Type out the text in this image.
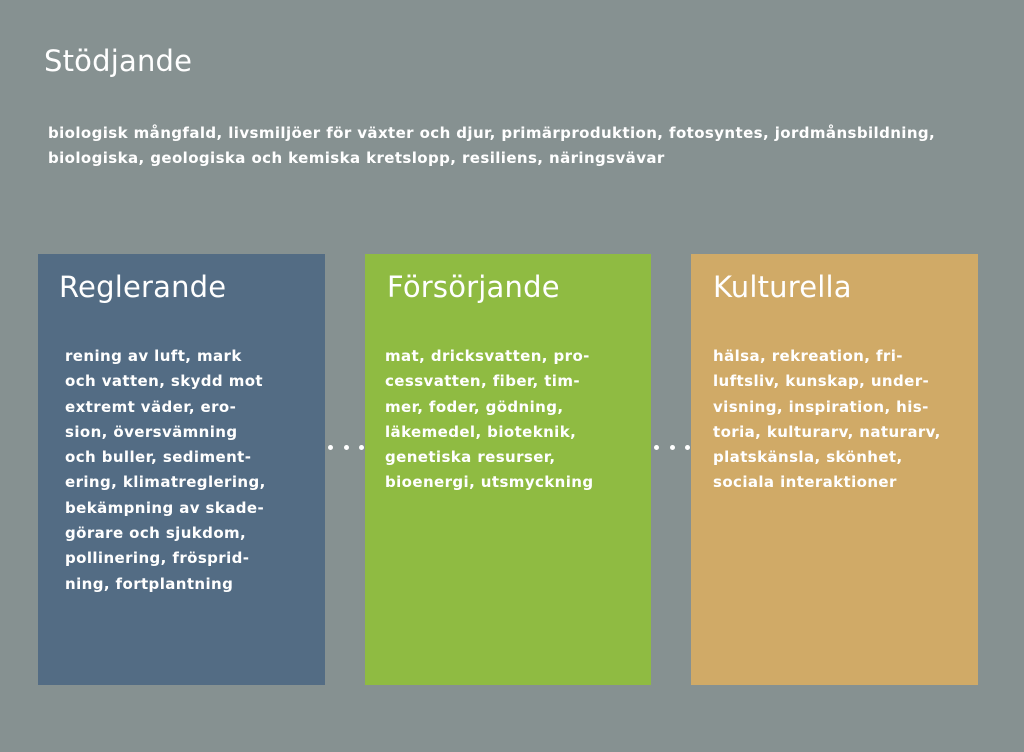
Stödjande
biologisk mångfald, livsmiljöer för växter och djur, primärproduktion, fotosyntes, jordmånsbildning,
biologiska, geologiska och kemiska kretslopp, resiliens, näringsvävar
Reglerande
rening av luft, mark
och vatten, skydd mot
extremt väder, ero-
sion, översvämning
och buller, sediment-
ering, klimatreglering,
bekämpning av skade-
görare och sjukdom,
pollinering, frösprid-
ning, fortplantning
Försörjande
mat, dricksvatten, pro-
cessvatten, fiber, tim-
mer, foder, gödning,
läkemedel, bioteknik,
genetiska resurser,
bioenergi, utsmyckning
Kulturella
hälsa, rekreation, fri-
luftsliv, kunskap, under-
visning, inspiration, his-
toria, kulturarv, naturarv,
platskänsla, skönhet,
sociala interaktioner
